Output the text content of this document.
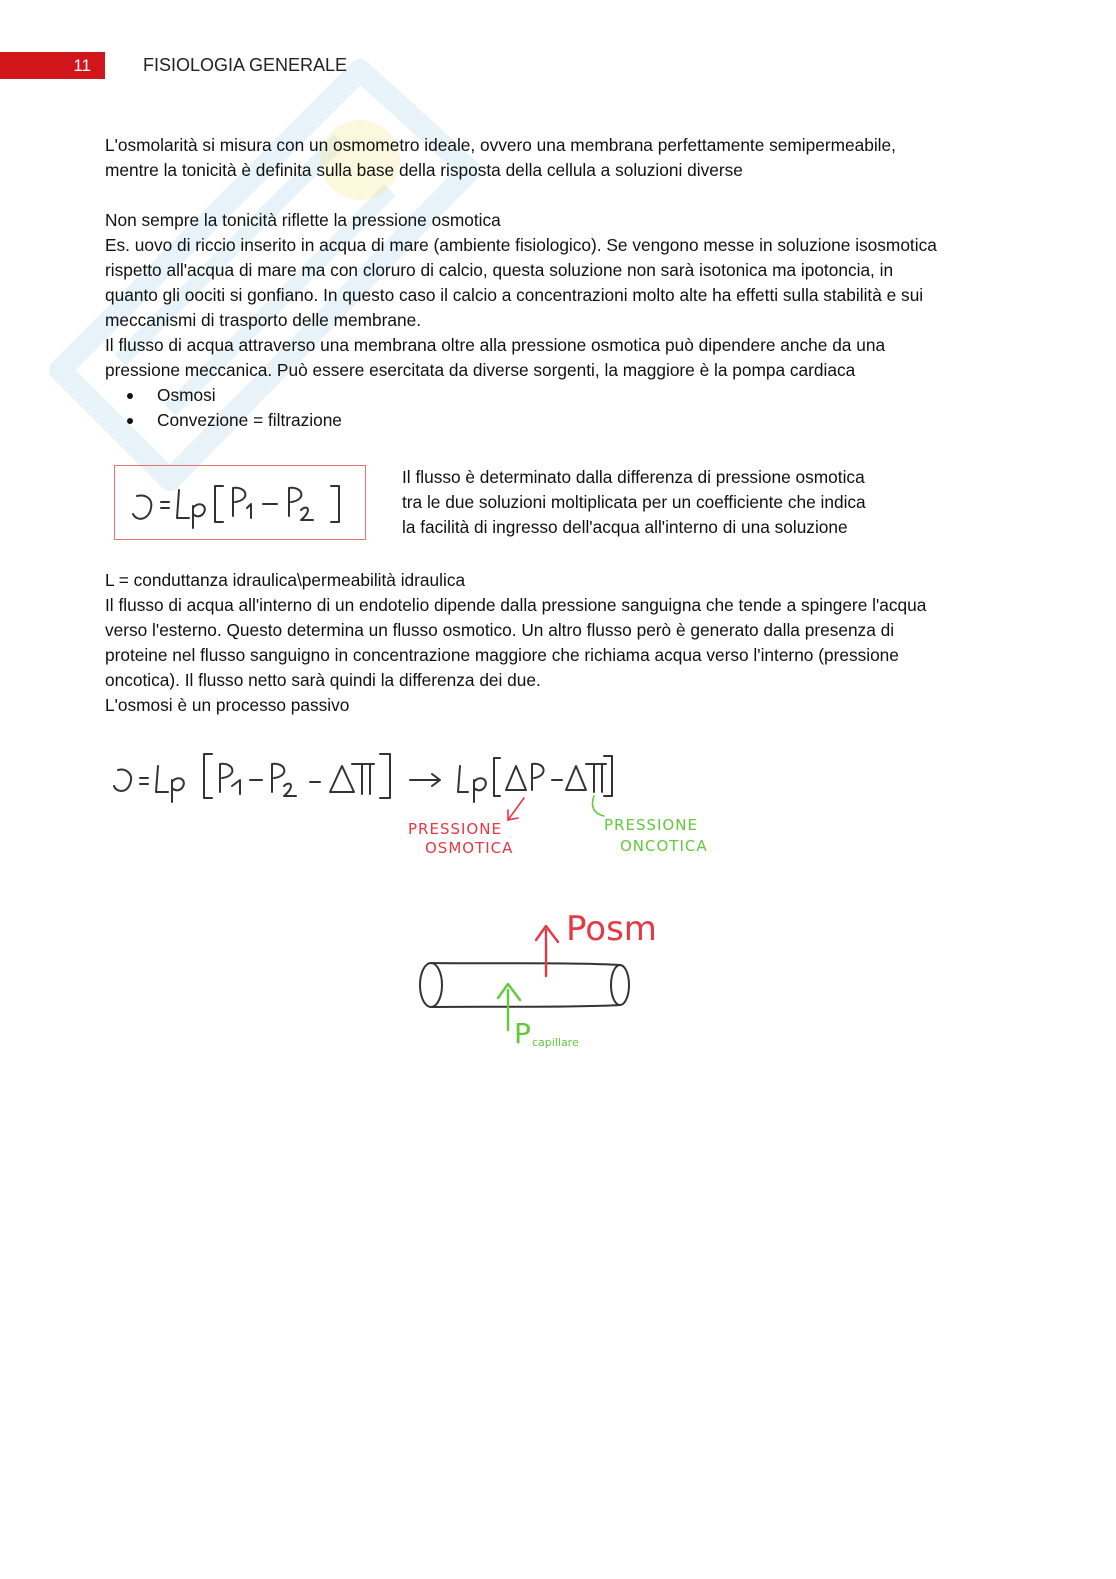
11	FISIOLOGIA GENERALE

L'osmolarità si misura con un osmometro ideale, ovvero una membrana perfettamente semipermeabile,

mentre la tonicità è definita sulla base della risposta della cellula a soluzioni diverse

Non sempre la tonicità riflette la pressione osmotica

Es. uovo di riccio inserito in acqua di mare (ambiente fisiologico). Se vengono messe in soluzione isosmotica

rispetto all'acqua di mare ma con cloruro di calcio, questa soluzione non sarà isotonica ma ipotoncia, in

quanto gli oociti si gonfiano. In questo caso il calcio a concentrazioni molto alte ha effetti sulla stabilità e sui

meccanismi di trasporto delle membrane.

Il flusso di acqua attraverso una membrana oltre alla pressione osmotica può dipendere anche da una

pressione meccanica. Può essere esercitata da diverse sorgenti, la maggiore è la pompa cardiaca

Osmosi
Convezione = filtrazione

Il flusso è determinato dalla differenza di pressione osmotica

tra le due soluzioni moltiplicata per un coefficiente che indica

la facilità di ingresso dell'acqua all'interno di una soluzione

L = conduttanza idraulica\permeabilità idraulica

Il flusso di acqua all'interno di un endotelio dipende dalla pressione sanguigna che tende a spingere l'acqua

verso l'esterno. Questo determina un flusso osmotico. Un altro flusso però è generato dalla presenza di

proteine nel flusso sanguigno in concentrazione maggiore che richiama acqua verso l'interno (pressione

oncotica). Il flusso netto sarà quindi la differenza dei due.

L'osmosi è un processo passivo

PRESSIONE
OSMOTICA
PRESSIONE
ONCOTICA
Posm
P capillare
